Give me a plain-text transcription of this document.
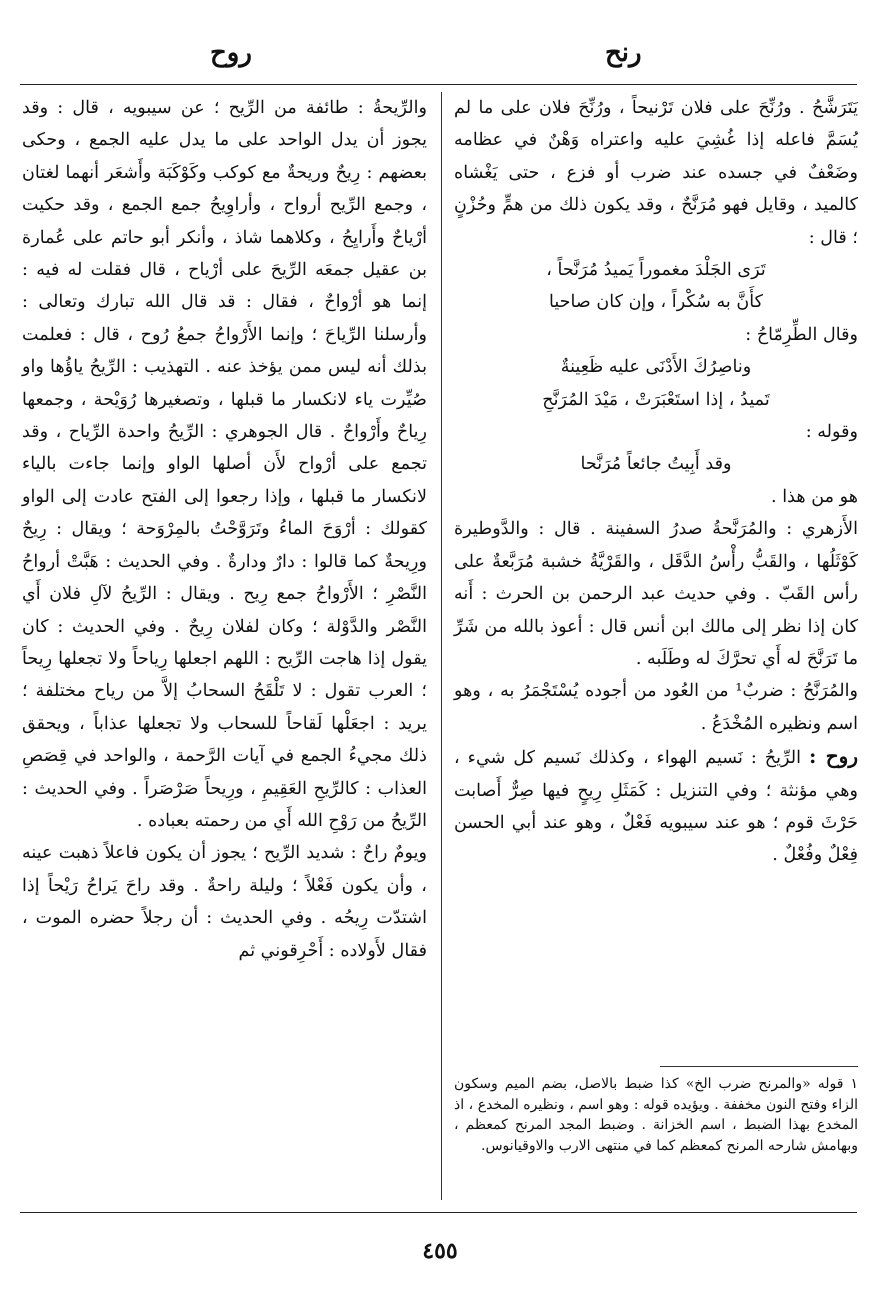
روح	رنح

يَتَرَشَّحُ . ورُنِّحَ على فلان تَرْنيحاً ، ورُنِّحَ فلان على ما لم يُسَمَّ فاعله إذا غُشِيَ عليه واعتراه وَهْنٌ في عظامه وضَعْفٌ في جسده عند ضرب أو فزع ، حتى يَغْشاه كالميد ، وقايل فهو مُرَنَّحٌ ، وقد يكون ذلك من همٍّ وحُزْنٍ ؛ قال :

تَرَى الجَلْدَ مغموراً يَميدُ مُرَنَّحاً ،

كأَنَّ به سُكْراً ، وإن كان صاحيا

وقال الطِّرِمّاحُ :

وناصِرُكَ الأَدْنَى عليه ظَعِينةٌ

تَميدُ ، إذا استَعْبَرَتْ ، مَيْدَ المُرَنَّحِ

وقوله :

وقد أَبِيتُ جائعاً مُرَنَّحا

هو من هذا .

الأَزهري : والمُرَنَّحةُ صدرُ السفينة . قال : والدَّوطيرة كَوْثَلُها ، والقَبُّ رأْسُ الدَّقَل ، والقَرْيَّةُ خشبة مُرَبَّعةٌ على رأس القَبّ . وفي حديث عبد الرحمن بن الحرث : أَنه كان إذا نظر إلى مالك ابن أنس قال : أعوذ بالله من شَرِّ ما تَرَنَّحَ له أَي تحرَّكَ له وطَلَبه .

والمُرَنَّحُ : ضربٌ¹ من العُود من أجوده يُسْتَجْمَرُ به ، وهو اسم ونظيره المُخْدَعُ .

روح : الرِّيحُ : نَسيم الهواء ، وكذلك نَسيم كل شيء ، وهي مؤنثة ؛ وفي التنزيل : كَمَثَلِ رِيحٍ فيها صِرٌّ أَصابت حَرْثَ قوم ؛ هو عند سيبويه فَعْلٌ ، وهو عند أبي الحسن فِعْلٌ وفُعْلٌ .

١ قوله «والمرنح ضرب الخ» كذا ضبط بالاصل، بضم الميم وسكون الزاء وفتح النون مخففة . ويؤيده قوله : وهو اسم ، ونظيره المخدع ، اذ المخدع بهذا الضبط ، اسم الخزانة . وضبط المجد المرنح كمعظم ، وبهامش شارحه المرنح كمعظم كما في منتهى الارب والاوقيانوس.

والرِّيحةُ : طائفة من الرِّيح ؛ عن سيبويه ، قال : وقد يجوز أن يدل الواحد على ما يدل عليه الجمع ، وحكى بعضهم : رِيحٌ وريحةٌ مع كوكب وكَوْكَبَة وأَشعَر أنهما لغتان ، وجمع الرِّيح أرواح ، وأراوِيحُ جمع الجمع ، وقد حكيت أرْياحٌ وأَرايِحُ ، وكلاهما شاذ ، وأنكر أبو حاتم على عُمارة بن عقيل جمعَه الرِّيحَ على أرْياح ، قال فقلت له فيه : إنما هو أرْواحٌ ، فقال : قد قال الله تبارك وتعالى : وأرسلنا الرِّياحَ ؛ وإنما الأَرْواحُ جمعُ رُوح ، قال : فعلمت بذلك أنه ليس ممن يؤخذ عنه . التهذيب : الرِّيحُ ياؤُها واو صُيِّرت ياء لانكسار ما قبلها ، وتصغيرها رُوَيْحة ، وجمعها رِياحٌ وأَرْواحٌ . قال الجوهري : الرِّيحُ واحدة الرِّياح ، وقد تجمع على أرْواح لأَن أصلها الواو وإنما جاءت بالياء لانكسار ما قبلها ، وإذا رجعوا إلى الفتح عادت إلى الواو كقولك : أرْوَحَ الماءُ وتَرَوَّحْتُ بالمِرْوَحة ؛ ويقال : رِيحٌ ورِيحةٌ كما قالوا : دارٌ ودارةٌ . وفي الحديث : هَبَّتْ أرواحُ النَّصْرِ ؛ الأَرْواحُ جمع رِيح . ويقال : الرِّيحُ لآلِ فلان أَي النَّصْر والدَّوْلة ؛ وكان لفلان رِيحٌ . وفي الحديث : كان يقول إذا هاجت الرِّيح : اللهم اجعلها رِياحاً ولا تجعلها رِيحاً ؛ العرب تقول : لا تَلْقَحُ السحابُ إلاَّ من رياح مختلفة ؛ يريد : اجعَلْها لَقاحاً للسحاب ولا تجعلها عذاباً ، ويحقق ذلك مجيءُ الجمع في آيات الرَّحمة ، والواحد في قِصَصِ العذاب : كالرِّيحِ العَقِيمِ ، ورِيحاً صَرْصَراً . وفي الحديث : الرِّيحُ من رَوْحِ الله أَي من رحمته بعباده .

ويومٌ راحٌ : شديد الرِّيح ؛ يجوز أن يكون فاعلاً ذهبت عينه ، وأن يكون فَعْلاً ؛ وليلة راحةٌ . وقد راحَ يَراحُ رَيْحاً إذا اشتدّت رِيحُه . وفي الحديث : أن رجلاً حضره الموت ، فقال لأَولاده : أَحْرِقوني ثم

٤٥٥
